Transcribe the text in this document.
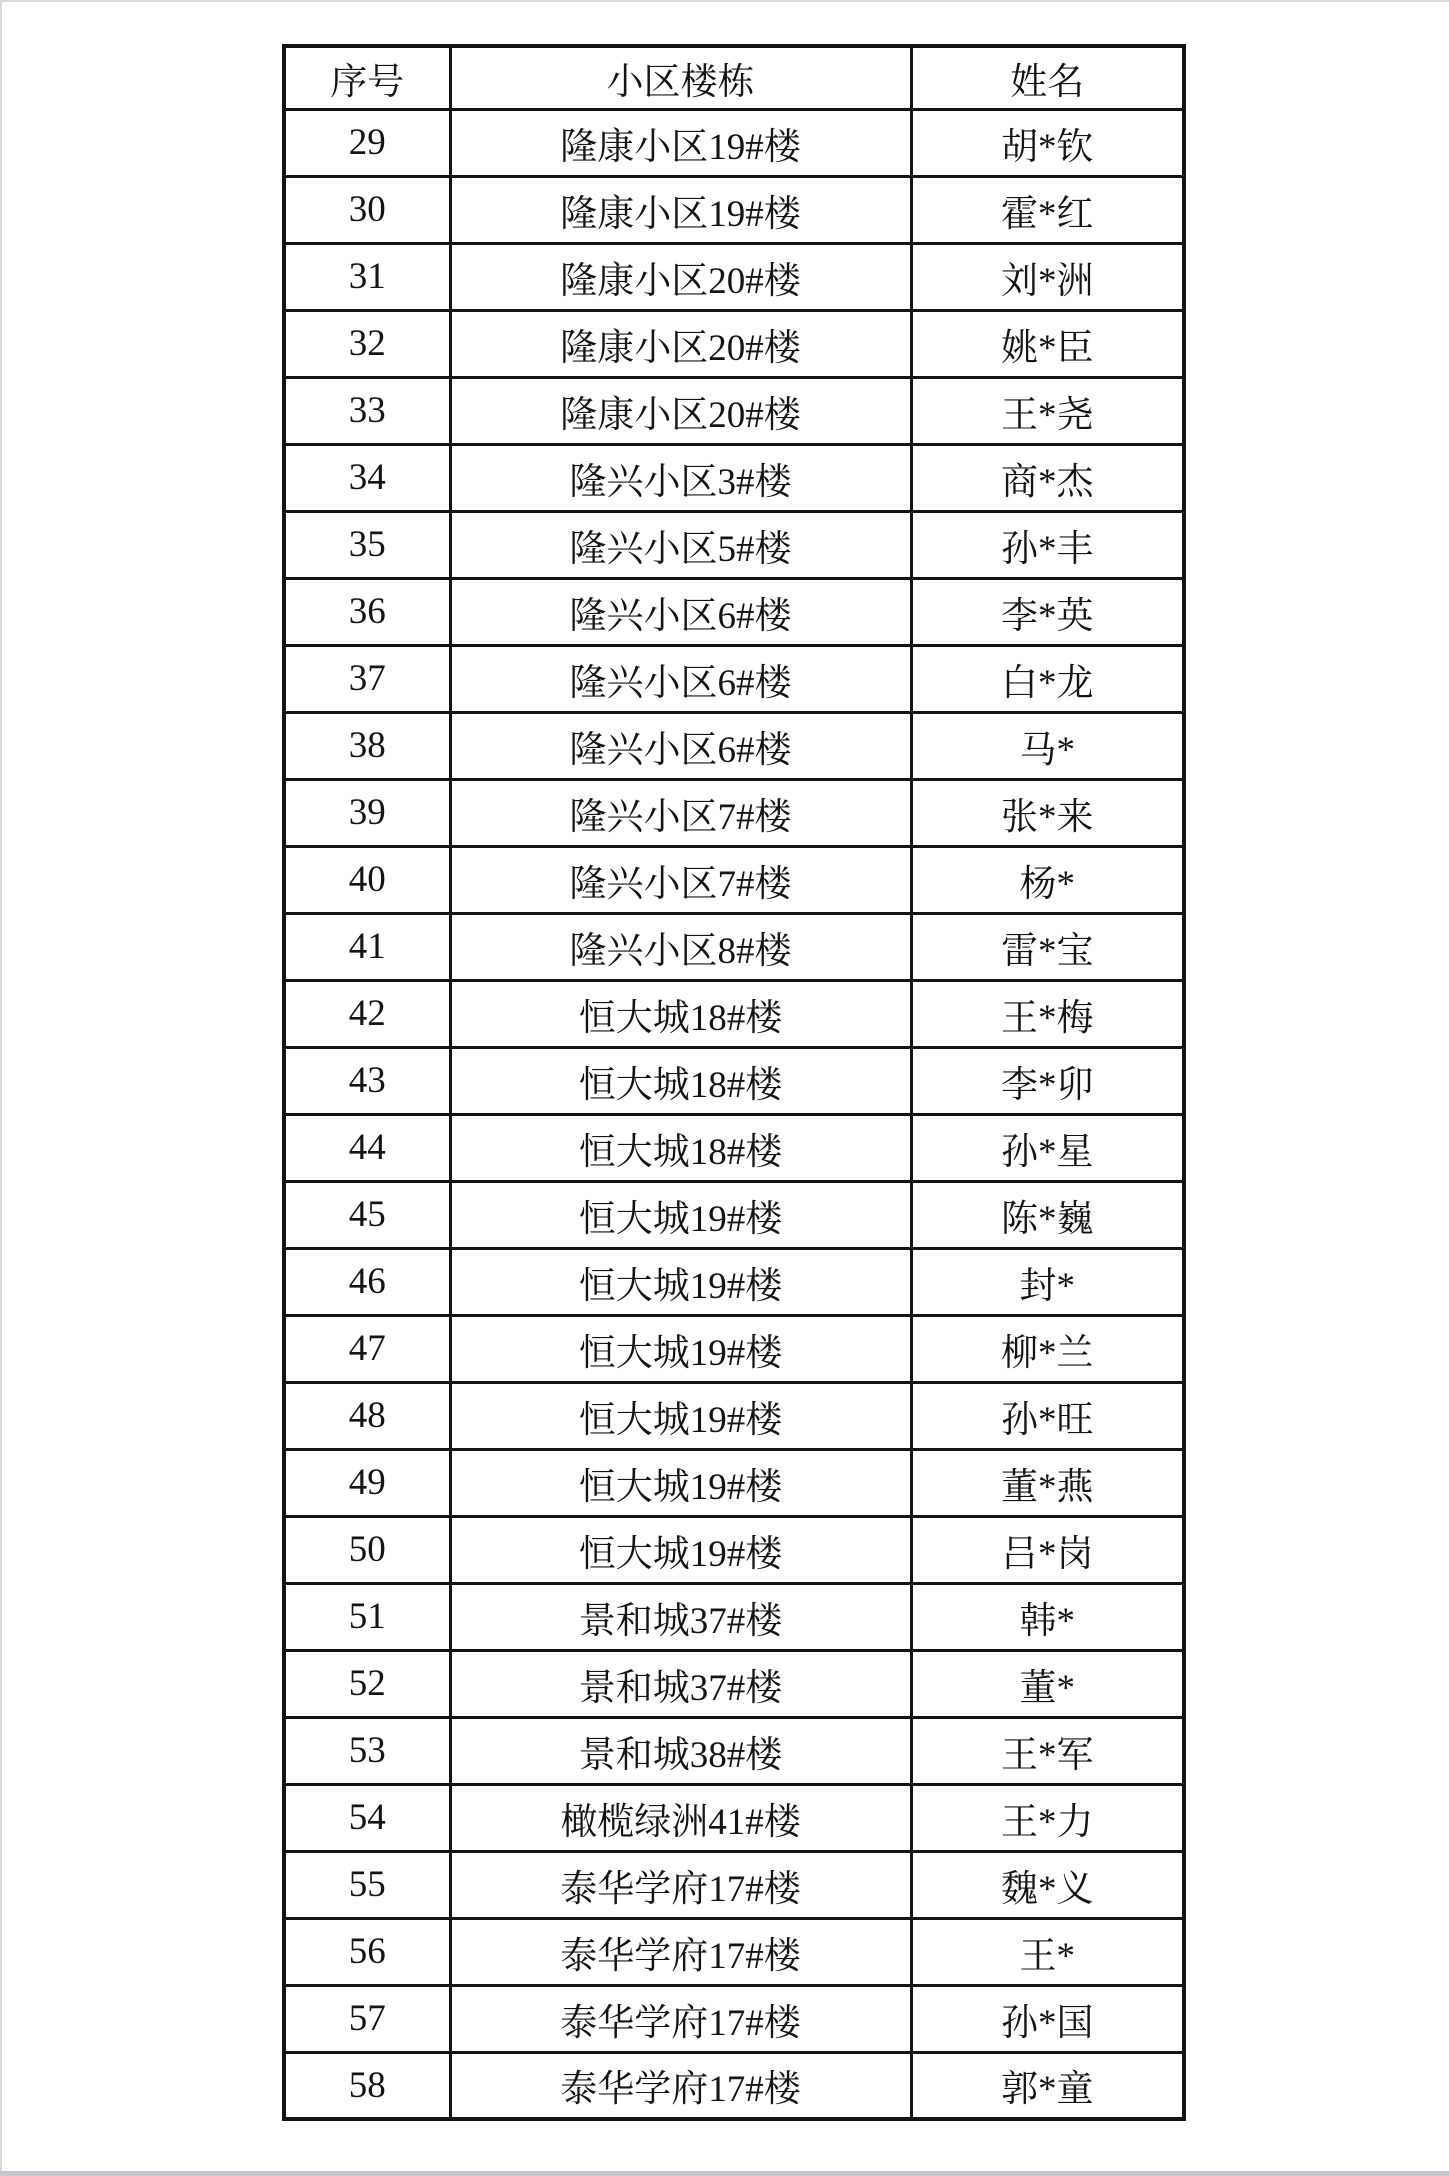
序号	小区楼栋	姓名
29	隆康小区19#楼	胡*钦
30	隆康小区19#楼	霍*红
31	隆康小区20#楼	刘*洲
32	隆康小区20#楼	姚*臣
33	隆康小区20#楼	王*尧
34	隆兴小区3#楼	商*杰
35	隆兴小区5#楼	孙*丰
36	隆兴小区6#楼	李*英
37	隆兴小区6#楼	白*龙
38	隆兴小区6#楼	马*
39	隆兴小区7#楼	张*来
40	隆兴小区7#楼	杨*
41	隆兴小区8#楼	雷*宝
42	恒大城18#楼	王*梅
43	恒大城18#楼	李*卯
44	恒大城18#楼	孙*星
45	恒大城19#楼	陈*巍
46	恒大城19#楼	封*
47	恒大城19#楼	柳*兰
48	恒大城19#楼	孙*旺
49	恒大城19#楼	董*燕
50	恒大城19#楼	吕*岗
51	景和城37#楼	韩*
52	景和城37#楼	董*
53	景和城38#楼	王*军
54	橄榄绿洲41#楼	王*力
55	泰华学府17#楼	魏*义
56	泰华学府17#楼	王*
57	泰华学府17#楼	孙*国
58	泰华学府17#楼	郭*童
